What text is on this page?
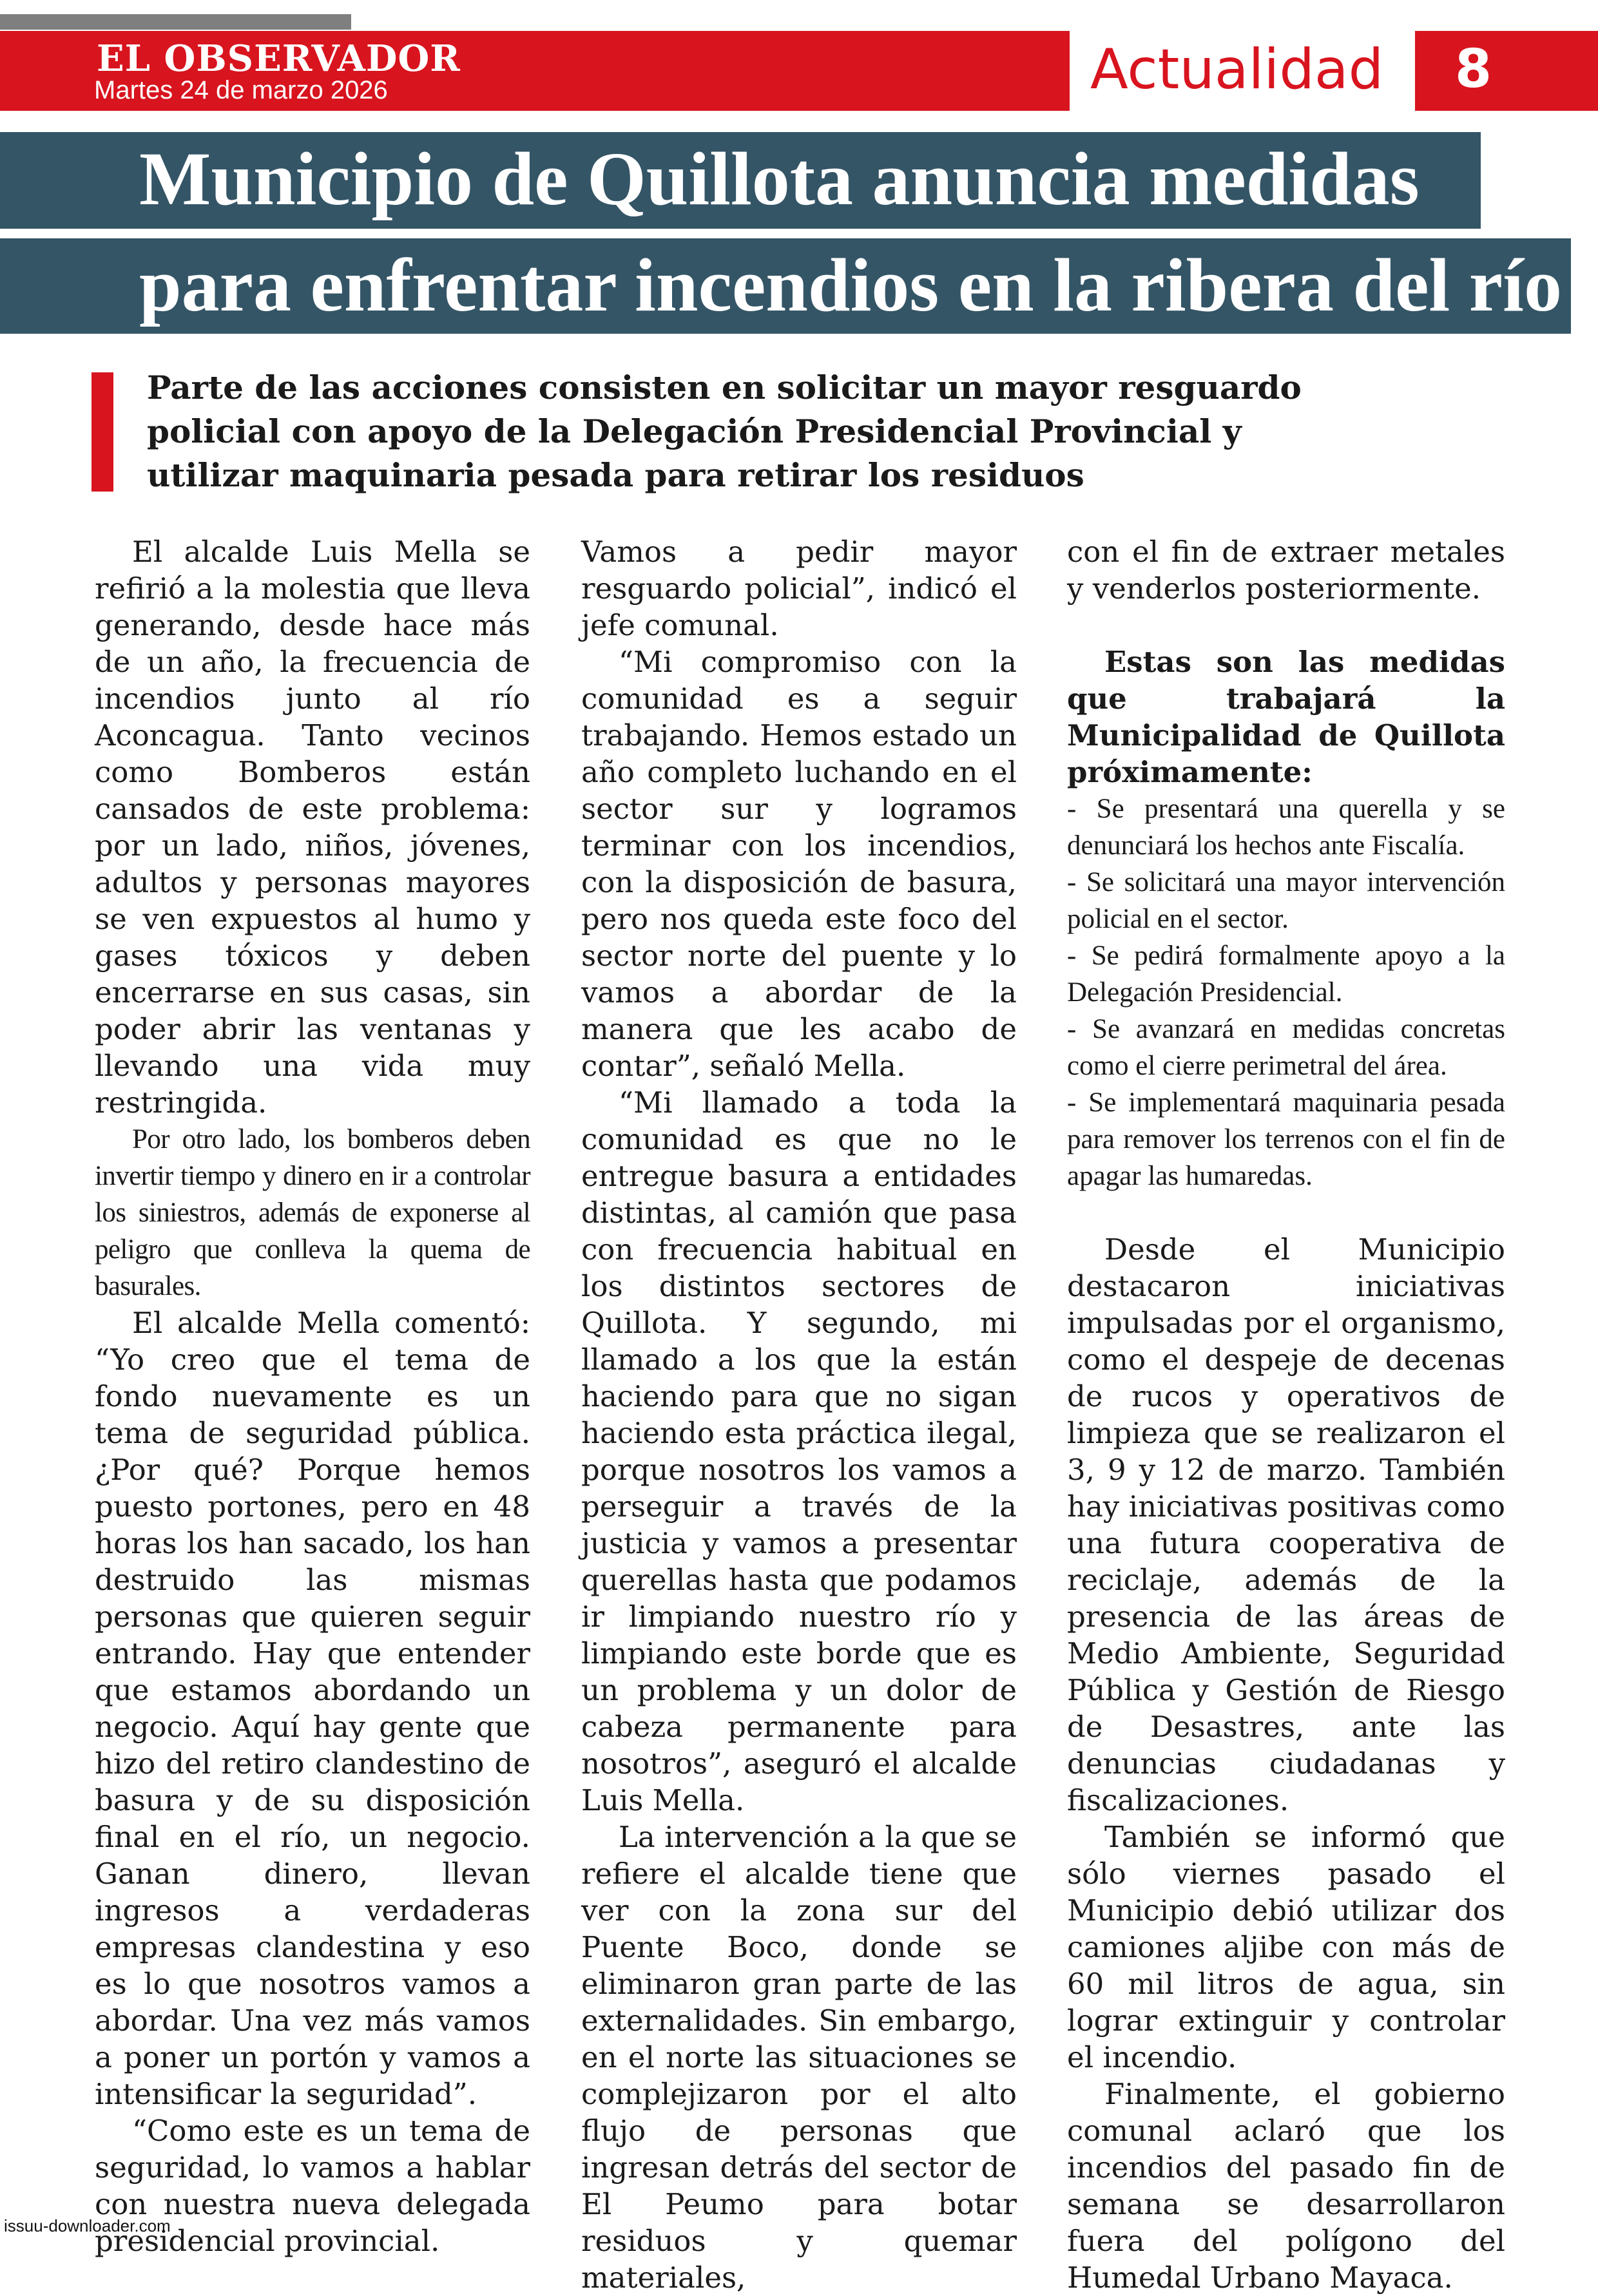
EL OBSERVADOR
Martes 24 de marzo 2026	Actualidad 8
Municipio de Quillota anuncia medidas
para enfrentar incendios en la ribera del río
Parte de las acciones consisten en solicitar un mayor resguardo
policial con apoyo de la Delegación Presidencial Provincial y
utilizar maquinaria pesada para retirar los residuos

El alcalde Luis Mella se refirió a la molestia que lleva generando, desde hace más de un año, la frecuencia de incendios junto al río Aconcagua. Tanto vecinos como Bomberos están cansados de este problema: por un lado, niños, jóvenes, adultos y personas mayores se ven expuestos al humo y gases tóxicos y deben encerrarse en sus casas, sin poder abrir las ventanas y llevando una vida muy restringida.

Por otro lado, los bomberos deben invertir tiempo y dinero en ir a controlar los siniestros, además de exponerse al peligro que conlleva la quema de basurales.

El alcalde Mella comentó: “Yo creo que el tema de fondo nuevamente es un tema de seguridad pública. ¿Por qué? Porque hemos puesto portones, pero en 48 horas los han sacado, los han destruido las mismas personas que quieren seguir entrando. Hay que entender que estamos abordando un negocio. Aquí hay gente que hizo del retiro clandestino de basura y de su disposición final en el río, un negocio. Ganan dinero, llevan ingresos a verdaderas empresas clandestina y eso es lo que nosotros vamos a abordar. Una vez más vamos a poner un portón y vamos a intensificar la seguridad”.

“Como este es un tema de seguridad, lo vamos a hablar con nuestra nueva delegada presidencial provincial.

Vamos a pedir mayor resguardo policial”, indicó el jefe comunal.

“Mi compromiso con la comunidad es a seguir trabajando. Hemos estado un año completo luchando en el sector sur y logramos terminar con los incendios, con la disposición de basura, pero nos queda este foco del sector norte del puente y lo vamos a abordar de la manera que les acabo de contar”, señaló Mella.

“Mi llamado a toda la comunidad es que no le entregue basura a entidades distintas, al camión que pasa con frecuencia habitual en los distintos sectores de Quillota. Y segundo, mi llamado a los que la están haciendo para que no sigan haciendo esta práctica ilegal, porque nosotros los vamos a perseguir a través de la justicia y vamos a presentar querellas hasta que podamos ir limpiando nuestro río y limpiando este borde que es un problema y un dolor de cabeza permanente para nosotros”, aseguró el alcalde Luis Mella.

La intervención a la que se refiere el alcalde tiene que ver con la zona sur del Puente Boco, donde se eliminaron gran parte de las externalidades. Sin embargo, en el norte las situaciones se complejizaron por el alto flujo de personas que ingresan detrás del sector de El Peumo para botar residuos y quemar materiales,

con el fin de extraer metales y venderlos posteriormente.

Estas son las medidas que trabajará la Municipalidad de Quillota próximamente:

- Se presentará una querella y se denunciará los hechos ante Fiscalía.

- Se solicitará una mayor intervención policial en el sector.

- Se pedirá formalmente apoyo a la Delegación Presidencial.

- Se avanzará en medidas concretas como el cierre perimetral del área.

- Se implementará maquinaria pesada para remover los terrenos con el fin de apagar las humaredas.

Desde el Municipio destacaron iniciativas impulsadas por el organismo, como el despeje de decenas de rucos y operativos de limpieza que se realizaron el 3, 9 y 12 de marzo. También hay iniciativas positivas como una futura cooperativa de reciclaje, además de la presencia de las áreas de Medio Ambiente, Seguridad Pública y Gestión de Riesgo de Desastres, ante las denuncias ciudadanas y fiscalizaciones.

También se informó que sólo viernes pasado el Municipio debió utilizar dos camiones aljibe con más de 60 mil litros de agua, sin lograr extinguir y controlar el incendio.

Finalmente, el gobierno comunal aclaró que los incendios del pasado fin de semana se desarrollaron fuera del polígono del Humedal Urbano Mayaca.

issuu-downloader.com
